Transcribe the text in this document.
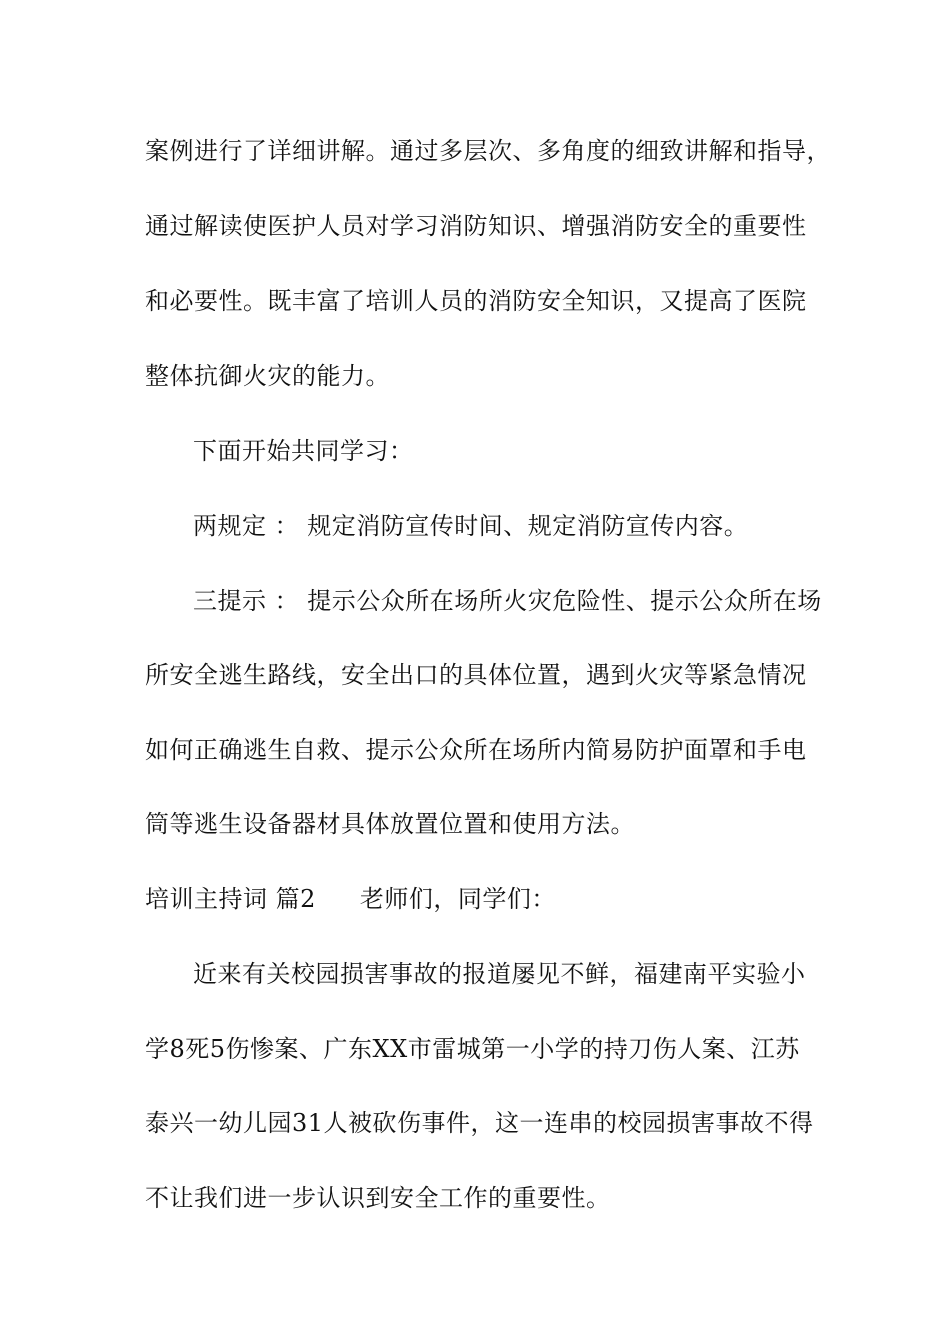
案例进行了详细讲解。通过多层次、多角度的细致讲解和指导，
通过解读使医护人员对学习消防知识、增强消防安全的重要性
和必要性。既丰富了培训人员的消防安全知识，又提高了医院
整体抗御火灾的能力。
下面开始共同学习：
两规定 ： 规定消防宣传时间、规定消防宣传内容。
三提示 ： 提示公众所在场所火灾危险性、提示公众所在场
所安全逃生路线，安全出口的具体位置，遇到火灾等紧急情况
如何正确逃生自救、提示公众所在场所内简易防护面罩和手电
筒等逃生设备器材具体放置位置和使用方法。
培训主持词 篇2 老师们，同学们：
近来有关校园损害事故的报道屡见不鲜，福建南平实验小
学8死5伤惨案、广东XX市雷城第一小学的持刀伤人案、江苏
泰兴一幼儿园31人被砍伤事件，这一连串的校园损害事故不得
不让我们进一步认识到安全工作的重要性。
